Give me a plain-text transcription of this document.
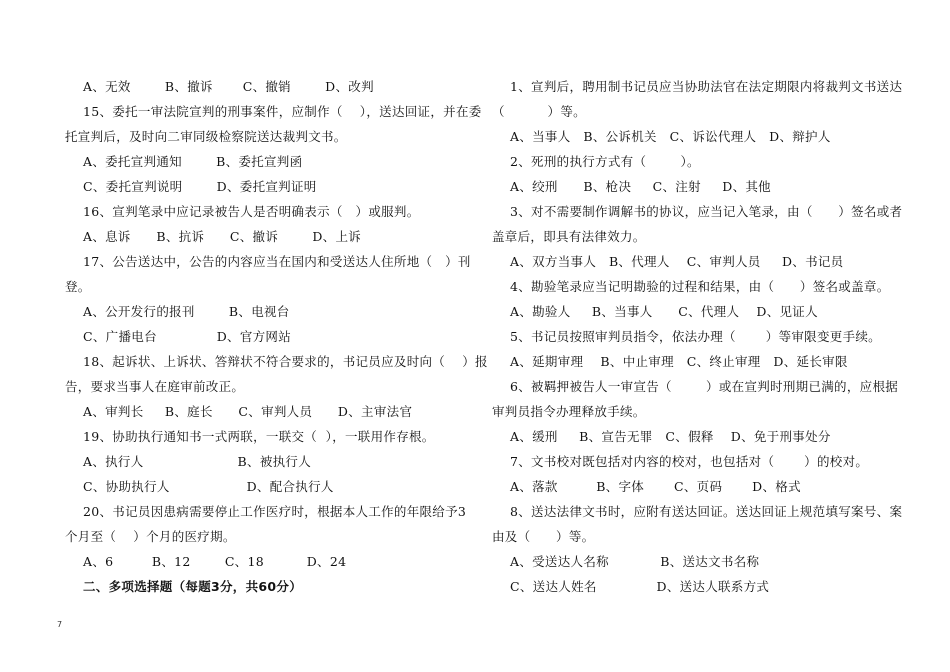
A、无效        B、撤诉       C、撤销        D、改判
15、委托一审法院宣判的刑事案件，应制作（    ），送达回证，并在委
托宣判后，及时向二审同级检察院送达裁判文书。
A、委托宣判通知        B、委托宣判函
C、委托宣判说明        D、委托宣判证明
16、宣判笔录中应记录被告人是否明确表示（   ）或服判。
A、息诉      B、抗诉      C、撤诉        D、上诉
17、公告送达中，公告的内容应当在国内和受送达人住所地（   ）刊
登。
A、公开发行的报刊        B、电视台
C、广播电台              D、官方网站
18、起诉状、上诉状、答辩状不符合要求的，书记员应及时向（    ）报
告，要求当事人在庭审前改正。
A、审判长     B、庭长      C、审判人员      D、主审法官
19、协助执行通知书一式两联，一联交（  ），一联用作存根。
A、执行人                      B、被执行人
C、协助执行人                  D、配合执行人
20、书记员因患病需要停止工作医疗时，根据本人工作的年限给予3
个月至（    ）个月的医疗期。
A、6         B、12        C、18          D、24
二、多项选择题（每题3分，共60分）
1、宣判后，聘用制书记员应当协助法官在法定期限内将裁判文书送达
（          ）等。
A、当事人   B、公诉机关   C、诉讼代理人   D、辩护人
2、死刑的执行方式有（        ）。
A、绞刑      B、枪决     C、注射     D、其他
3、对不需要制作调解书的协议，应当记入笔录，由（      ）签名或者
盖章后，即具有法律效力。
A、双方当事人   B、代理人    C、审判人员     D、书记员
4、勘验笔录应当记明勘验的过程和结果，由（      ）签名或盖章。
A、勘验人     B、当事人      C、代理人    D、见证人
5、书记员按照审判员指令，依法办理（       ）等审限变更手续。
A、延期审理    B、中止审理   C、终止审理   D、延长审限
6、被羁押被告人一审宣告（        ）或在宣判时刑期已满的，应根据
审判员指令办理释放手续。
A、缓刑     B、宣告无罪   C、假释    D、免于刑事处分
7、文书校对既包括对内容的校对，也包括对（       ）的校对。
A、落款         B、字体       C、页码       D、格式
8、送达法律文书时，应附有送达回证。送达回证上规范填写案号、案
由及（      ）等。
A、受送达人名称            B、送达文书名称
C、送达人姓名              D、送达人联系方式
7
